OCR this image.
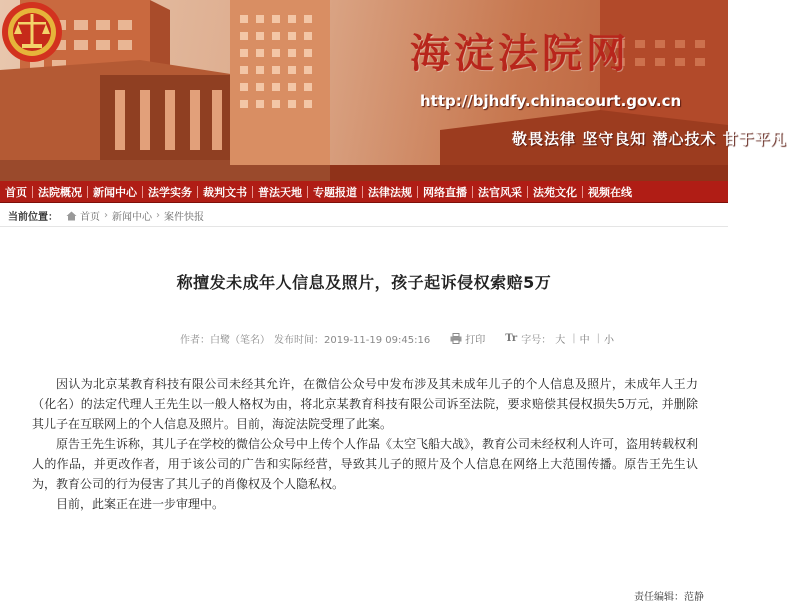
海淀法院网
http://bjhdfy.chinacourt.gov.cn
敬畏法律 坚守良知 潜心技术 甘于平凡
首页	法院概况	新闻中心	法学实务	裁判文书	普法天地	专题报道	法律法规	网络直播	法官风采	法苑文化	视频在线
当前位置： 首页 › 新闻中心 › 案件快报
称擅发未成年人信息及照片，孩子起诉侵权索赔5万
作者：白鹭（笔名） 发布时间：2019-11-19 09:45:16	打印 Tr 字号： 大 | 中 | 小

因认为北京某教育科技有限公司未经其允许，在微信公众号中发布涉及其未成年儿子的个人信息及照片，未成年人王力（化名）的法定代理人王先生以一般人格权为由，将北京某教育科技有限公司诉至法院，要求赔偿其侵权损失5万元，并删除其儿子在互联网上的个人信息及照片。目前，海淀法院受理了此案。

原告王先生诉称，其儿子在学校的微信公众号中上传个人作品《太空飞船大战》，教育公司未经权利人许可，盗用转载权利人的作品，并更改作者，用于该公司的广告和实际经营，导致其儿子的照片及个人信息在网络上大范围传播。原告王先生认为，教育公司的行为侵害了其儿子的肖像权及个人隐私权。

目前，此案正在进一步审理中。

责任编辑：范静
